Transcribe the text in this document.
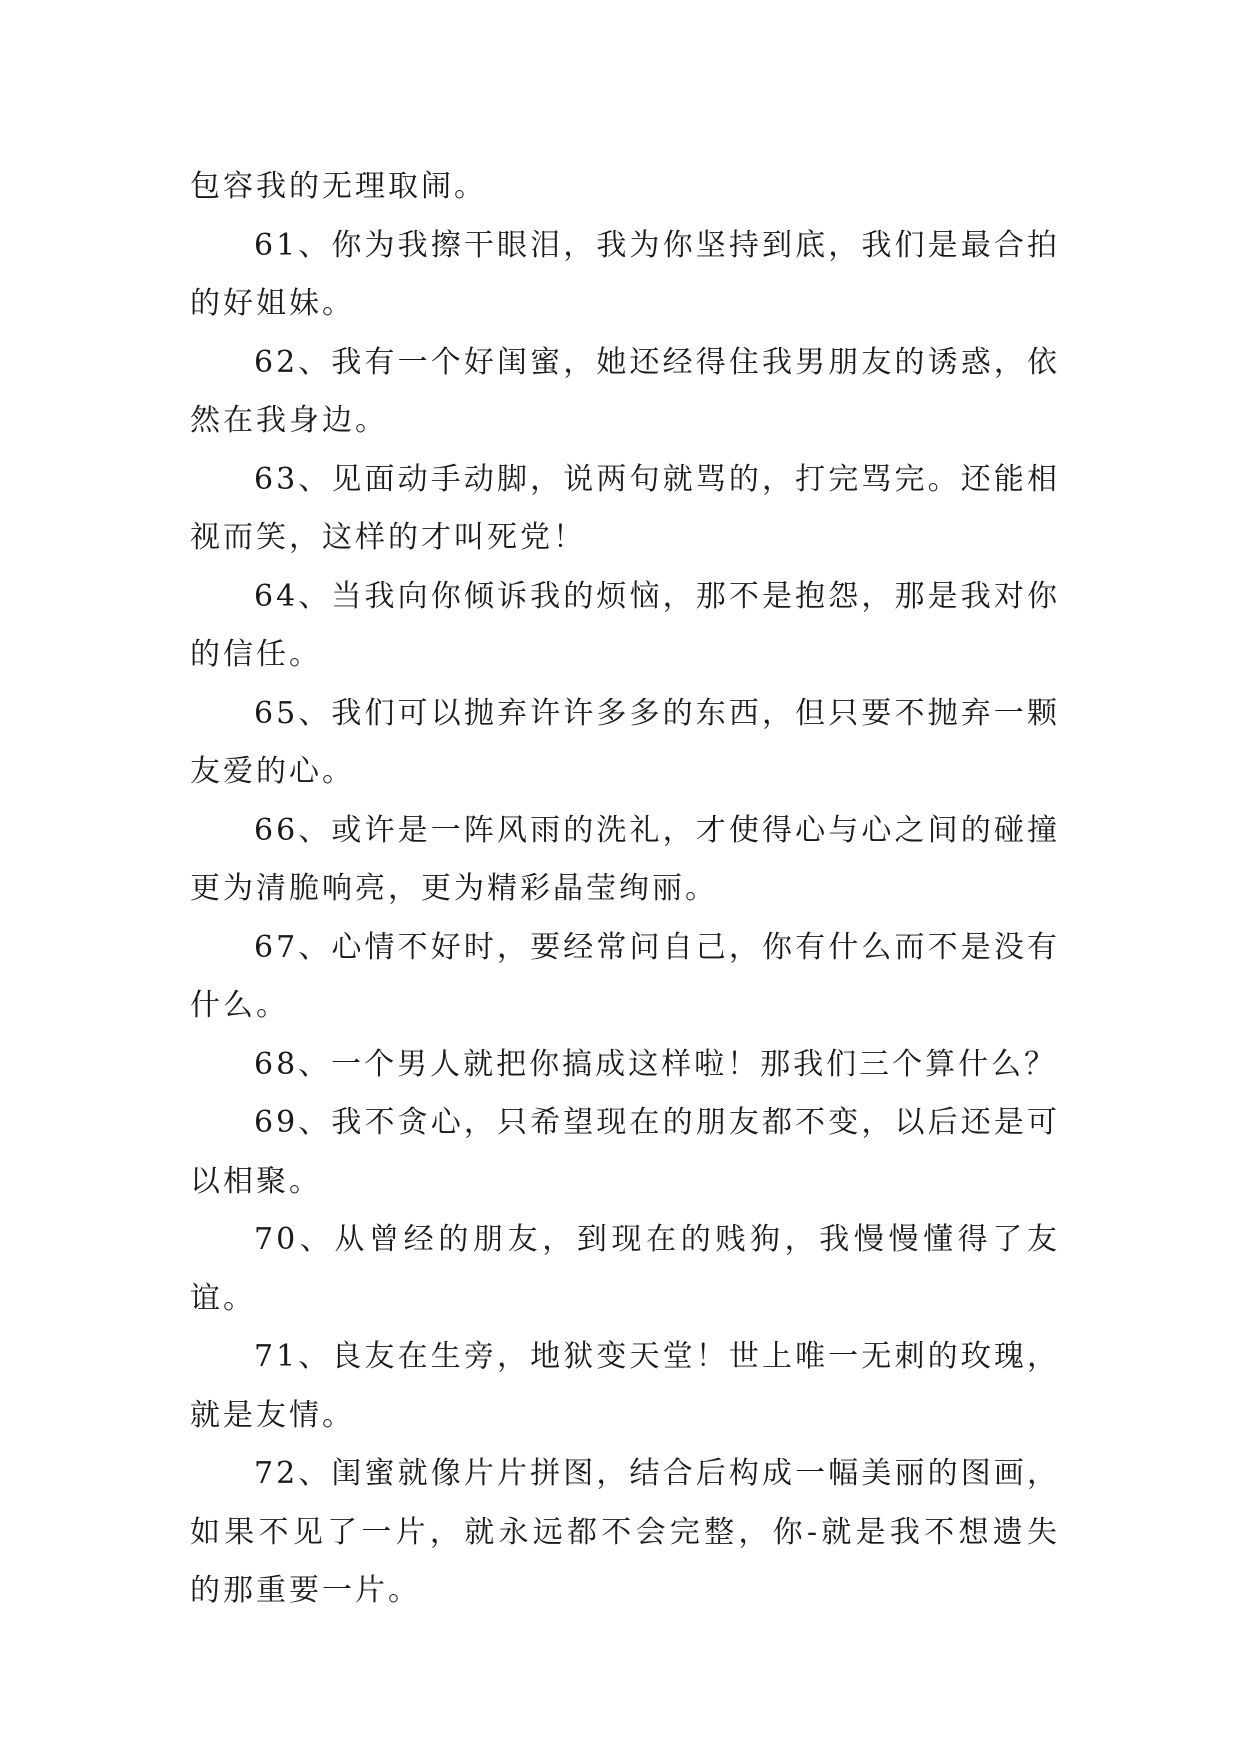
包容我的无理取闹。

61、你为我擦干眼泪，我为你坚持到底，我们是最合拍的好姐妹。

62、我有一个好闺蜜，她还经得住我男朋友的诱惑，依然在我身边。

63、见面动手动脚，说两句就骂的，打完骂完。还能相视而笑，这样的才叫死党！

64、当我向你倾诉我的烦恼，那不是抱怨，那是我对你的信任。

65、我们可以抛弃许许多多的东西，但只要不抛弃一颗友爱的心。

66、或许是一阵风雨的洗礼，才使得心与心之间的碰撞更为清脆响亮，更为精彩晶莹绚丽。

67、心情不好时，要经常问自己，你有什么而不是没有什么。

68、一个男人就把你搞成这样啦！那我们三个算什么？

69、我不贪心，只希望现在的朋友都不变，以后还是可以相聚。

70、从曾经的朋友，到现在的贱狗，我慢慢懂得了友谊。

71、良友在生旁，地狱变天堂！世上唯一无刺的玫瑰，就是友情。

72、闺蜜就像片片拼图，结合后构成一幅美丽的图画，如果不见了一片，就永远都不会完整，你-就是我不想遗失的那重要一片。
